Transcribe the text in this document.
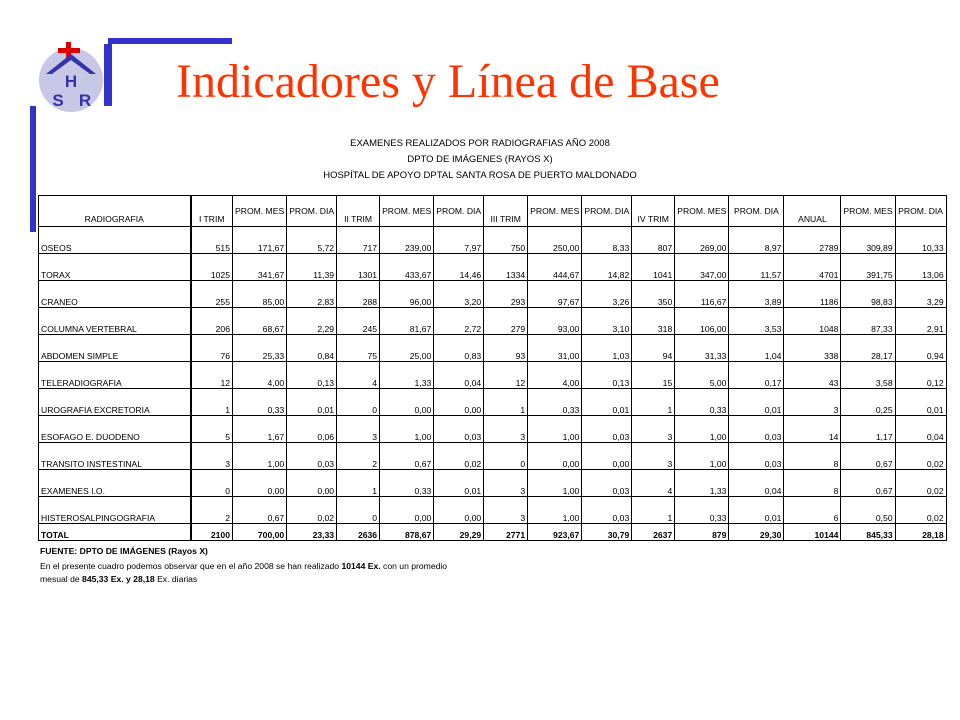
H
S R Indicadores y Línea de Base
EXAMENES REALIZADOS POR RADIOGRAFIAS AÑO 2008
DPTO DE IMÁGENES (RAYOS X)
HOSPÍTAL DE APOYO DPTAL SANTA ROSA DE PUERTO MALDONADO
RADIOGRAFIA	I TRIM	PROM. MES	PROM. DIA	II TRIM	PROM. MES	PROM. DIA	III TRIM	PROM. MES	PROM. DIA	IV TRIM	PROM. MES	PROM. DIA	ANUAL	PROM. MES	PROM. DIA
OSEOS	515	171,67	5,72	717	239,00	7,97	750	250,00	8,33	807	269,00	8,97	2789	309,89	10,33
TORAX	1025	341,67	11,39	1301	433,67	14,46	1334	444,67	14,82	1041	347,00	11,57	4701	391,75	13,06
CRANEO	255	85,00	2,83	288	96,00	3,20	293	97,67	3,26	350	116,67	3,89	1186	98,83	3,29
COLUMNA VERTEBRAL	206	68,67	2,29	245	81,67	2,72	279	93,00	3,10	318	106,00	3,53	1048	87,33	2,91
ABDOMEN SIMPLE	76	25,33	0,84	75	25,00	0,83	93	31,00	1,03	94	31,33	1,04	338	28,17	0,94
TELERADIOGRAFIA	12	4,00	0,13	4	1,33	0,04	12	4,00	0,13	15	5,00	0,17	43	3,58	0,12
UROGRAFIA EXCRETORIA	1	0,33	0,01	0	0,00	0,00	1	0,33	0,01	1	0,33	0,01	3	0,25	0,01
ESOFAGO E. DUODENO	5	1,67	0,06	3	1,00	0,03	3	1,00	0,03	3	1,00	0,03	14	1,17	0,04
TRANSITO INSTESTINAL	3	1,00	0,03	2	0,67	0,02	0	0,00	0,00	3	1,00	0,03	8	0,67	0,02
EXAMENES I.O.	0	0,00	0,00	1	0,33	0,01	3	1,00	0,03	4	1,33	0,04	8	0,67	0,02
HISTEROSALPINGOGRAFIA	2	0,67	0,02	0	0,00	0,00	3	1,00	0,03	1	0,33	0,01	6	0,50	0,02
TOTAL	2100	700,00	23,33	2636	878,67	29,29	2771	923,67	30,79	2637	879	29,30	10144	845,33	28,18
FUENTE: DPTO DE IMÁGENES (Rayos X)
En el presente cuadro podemos observar que en el año 2008 se han realizado 10144 Ex. con un promedio
mesual de 845,33 Ex. y 28,18 Ex. diarias
